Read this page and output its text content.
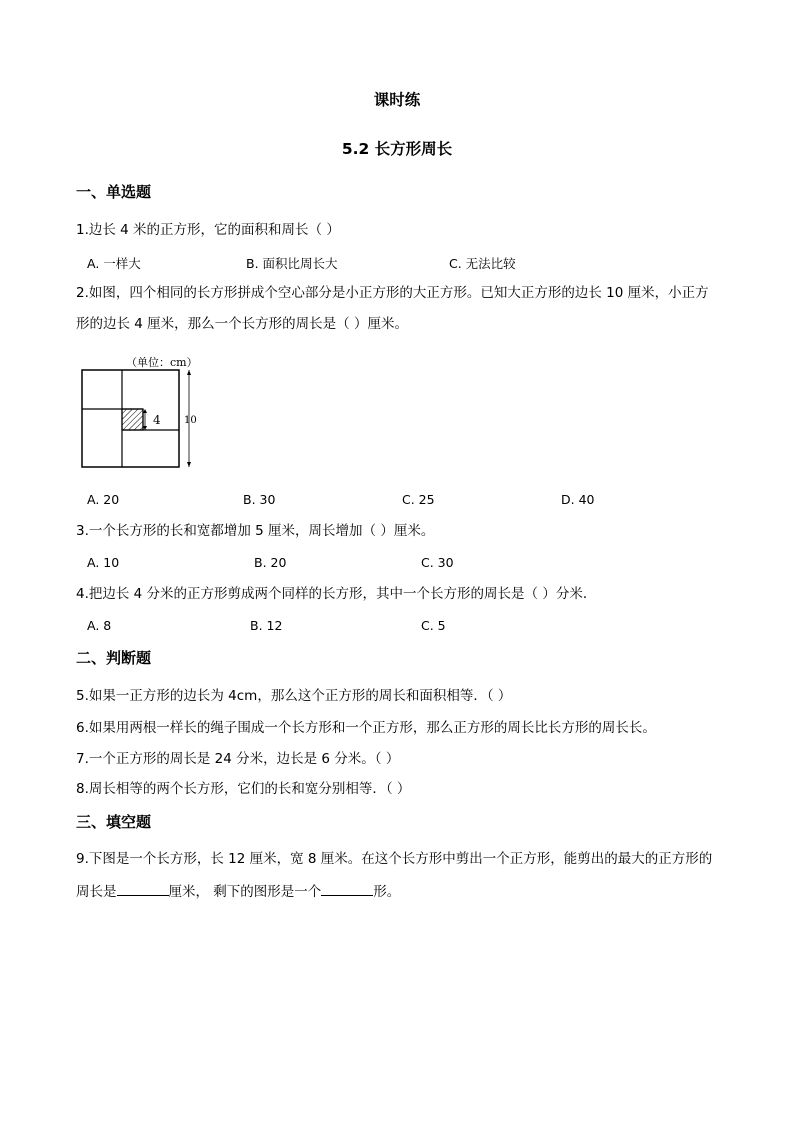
课时练
5.2 长方形周长
一、单选题
1.边长 4 米的正方形，它的面积和周长（ ）
A. 一样大	B. 面积比周长大	C. 无法比较
2.如图，四个相同的长方形拼成个空心部分是小正方形的大正方形。已知大正方形的边长 10 厘米，小正方
形的边长 4 厘米，那么一个长方形的周长是（ ）厘米。
（单位：cm）
4 10
A. 20	B. 30	C. 25	D. 40
3.一个长方形的长和宽都增加 5 厘米，周长增加（ ）厘米。
A. 10	B. 20	C. 30
4.把边长 4 分米的正方形剪成两个同样的长方形，其中一个长方形的周长是（ ）分米．
A. 8	B. 12	C. 5
二、判断题
5.如果一正方形的边长为 4cm，那么这个正方形的周长和面积相等．（ ）
6.如果用两根一样长的绳子围成一个长方形和一个正方形，那么正方形的周长比长方形的周长长。
7.一个正方形的周长是 24 分米，边长是 6 分米。（ ）
8.周长相等的两个长方形，它们的长和宽分别相等．（ ）
三、填空题
9.下图是一个长方形，长 12 厘米，宽 8 厘米。在这个长方形中剪出一个正方形，能剪出的最大的正方形的
周长是	厘米， 剩下的图形是一个	形。
